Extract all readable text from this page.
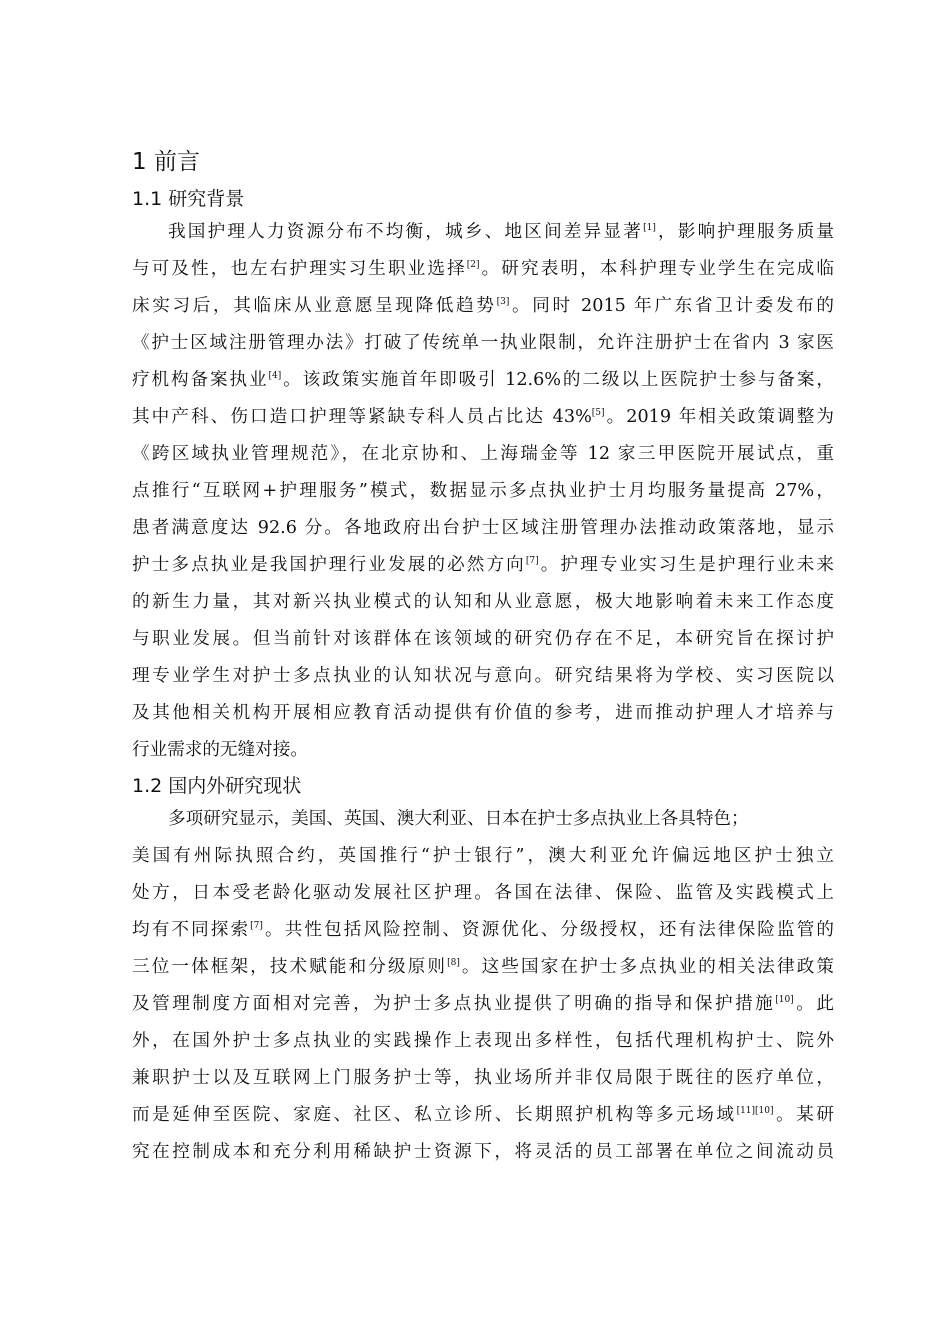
1 前言
1.1 研究背景
我国护理人力资源分布不均衡，城乡、地区间差异显著[1]，影响护理服务质量
与可及性，也左右护理实习生职业选择[2]。研究表明，本科护理专业学生在完成临
床实习后，其临床从业意愿呈现降低趋势[3]。同时 2015 年广东省卫计委发布的
《护士区域注册管理办法》打破了传统单一执业限制，允许注册护士在省内 3 家医
疗机构备案执业[4]。该政策实施首年即吸引 12.6%的二级以上医院护士参与备案，
其中产科、伤口造口护理等紧缺专科人员占比达 43%[5]。2019 年相关政策调整为
《跨区域执业管理规范》，在北京协和、上海瑞金等 12 家三甲医院开展试点，重
点推行“互联网+护理服务”模式，数据显示多点执业护士月均服务量提高 27%，
患者满意度达 92.6 分。各地政府出台护士区域注册管理办法推动政策落地，显示
护士多点执业是我国护理行业发展的必然方向[7]。护理专业实习生是护理行业未来
的新生力量，其对新兴执业模式的认知和从业意愿，极大地影响着未来工作态度
与职业发展。但当前针对该群体在该领域的研究仍存在不足，本研究旨在探讨护
理专业学生对护士多点执业的认知状况与意向。研究结果将为学校、实习医院以
及其他相关机构开展相应教育活动提供有价值的参考，进而推动护理人才培养与
行业需求的无缝对接。
1.2 国内外研究现状
多项研究显示，美国、英国、澳大利亚、日本在护士多点执业上各具特色；
美国有州际执照合约，英国推行“护士银行”，澳大利亚允许偏远地区护士独立
处方，日本受老龄化驱动发展社区护理。各国在法律、保险、监管及实践模式上
均有不同探索[7]。共性包括风险控制、资源优化、分级授权，还有法律保险监管的
三位一体框架，技术赋能和分级原则[8]。这些国家在护士多点执业的相关法律政策
及管理制度方面相对完善，为护士多点执业提供了明确的指导和保护措施[10]。此
外，在国外护士多点执业的实践操作上表现出多样性，包括代理机构护士、院外
兼职护士以及互联网上门服务护士等，执业场所并非仅局限于既往的医疗单位，
而是延伸至医院、家庭、社区、私立诊所、长期照护机构等多元场域[11][10]。某研
究在控制成本和充分利用稀缺护士资源下，将灵活的员工部署在单位之间流动员
